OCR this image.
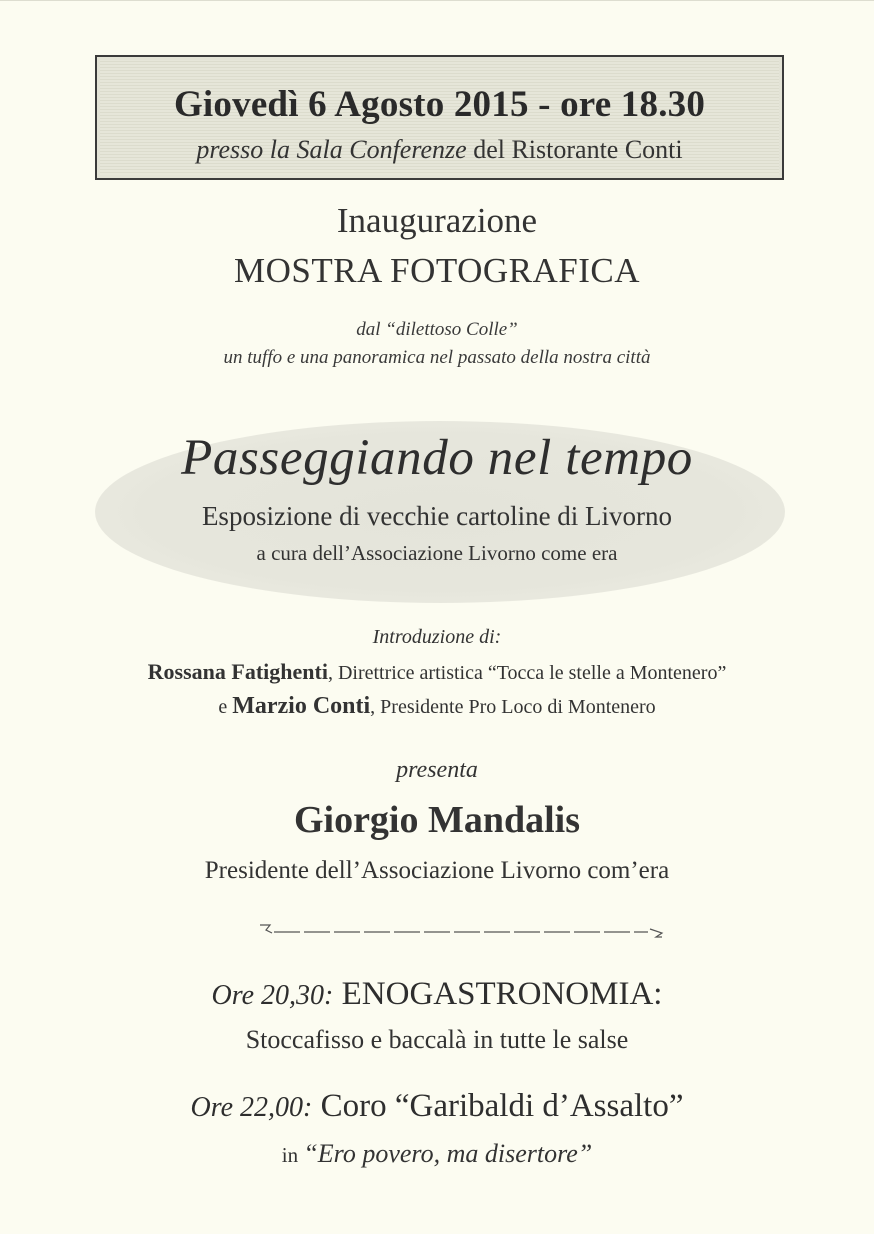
Giovedì 6 Agosto 2015 - ore 18.30
presso la Sala Conferenze del Ristorante Conti
Inaugurazione
MOSTRA FOTOGRAFICA
dal “dilettoso Colle”
un tuffo e una panoramica nel passato della nostra città
Passeggiando nel tempo
Esposizione di vecchie cartoline di Livorno
a cura dell’Associazione Livorno come era
Introduzione di:
Rossana Fatighenti, Direttrice artistica “Tocca le stelle a Montenero”
e Marzio Conti, Presidente Pro Loco di Montenero
presenta
Giorgio Mandalis
Presidente dell’Associazione Livorno com’era
Ore 20,30: ENOGASTRONOMIA:
Stoccafisso e baccalà in tutte le salse
Ore 22,00: Coro “Garibaldi d’Assalto”
in “Ero povero, ma disertore”
